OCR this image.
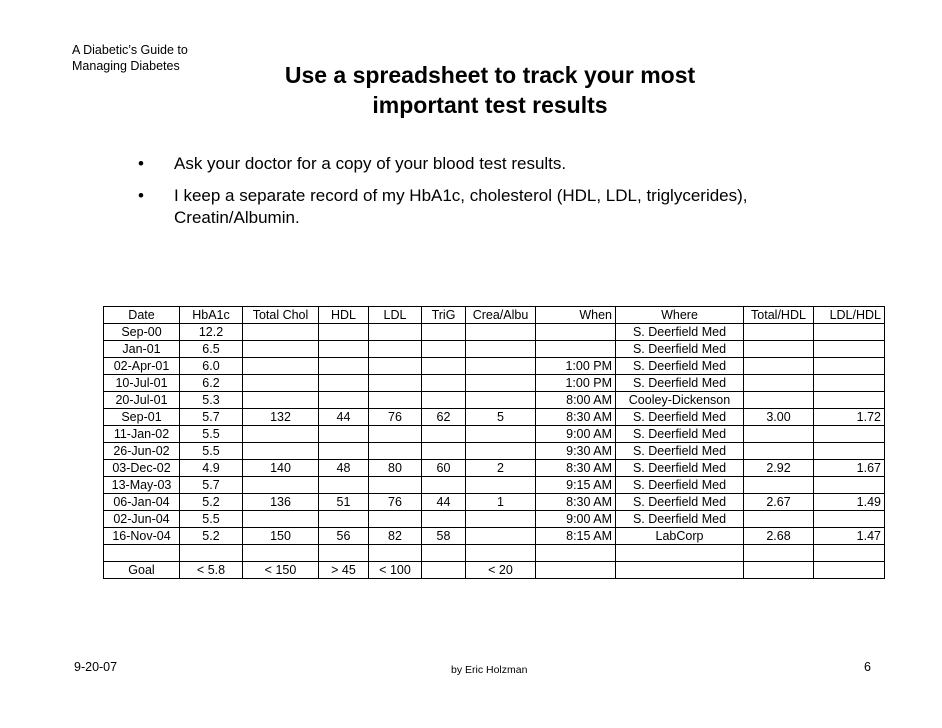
A Diabetic’s Guide to
Managing Diabetes	Use a spreadsheet to track your most
important test results
•	Ask your doctor for a copy of your blood test results.
•	I keep a separate record of my HbA1c, cholesterol (HDL, LDL, triglycerides), Creatin/Albumin.
Date	HbA1c	Total Chol	HDL	LDL	TriG	Crea/Albu	When	Where	Total/HDL	LDL/HDL
Sep-00	12.2							S. Deerfield Med		
Jan-01	6.5							S. Deerfield Med		
02-Apr-01	6.0						1:00 PM	S. Deerfield Med		
10-Jul-01	6.2						1:00 PM	S. Deerfield Med		
20-Jul-01	5.3						8:00 AM	Cooley-Dickenson		
Sep-01	5.7	132	44	76	62	5	8:30 AM	S. Deerfield Med	3.00	1.72
11-Jan-02	5.5						9:00 AM	S. Deerfield Med		
26-Jun-02	5.5						9:30 AM	S. Deerfield Med		
03-Dec-02	4.9	140	48	80	60	2	8:30 AM	S. Deerfield Med	2.92	1.67
13-May-03	5.7						9:15 AM	S. Deerfield Med		
06-Jan-04	5.2	136	51	76	44	1	8:30 AM	S. Deerfield Med	2.67	1.49
02-Jun-04	5.5						9:00 AM	S. Deerfield Med		
16-Nov-04	5.2	150	56	82	58		8:15 AM	LabCorp	2.68	1.47

Goal	< 5.8	< 150	> 45	< 100		< 20				
9-20-07	by Eric Holzman	6
